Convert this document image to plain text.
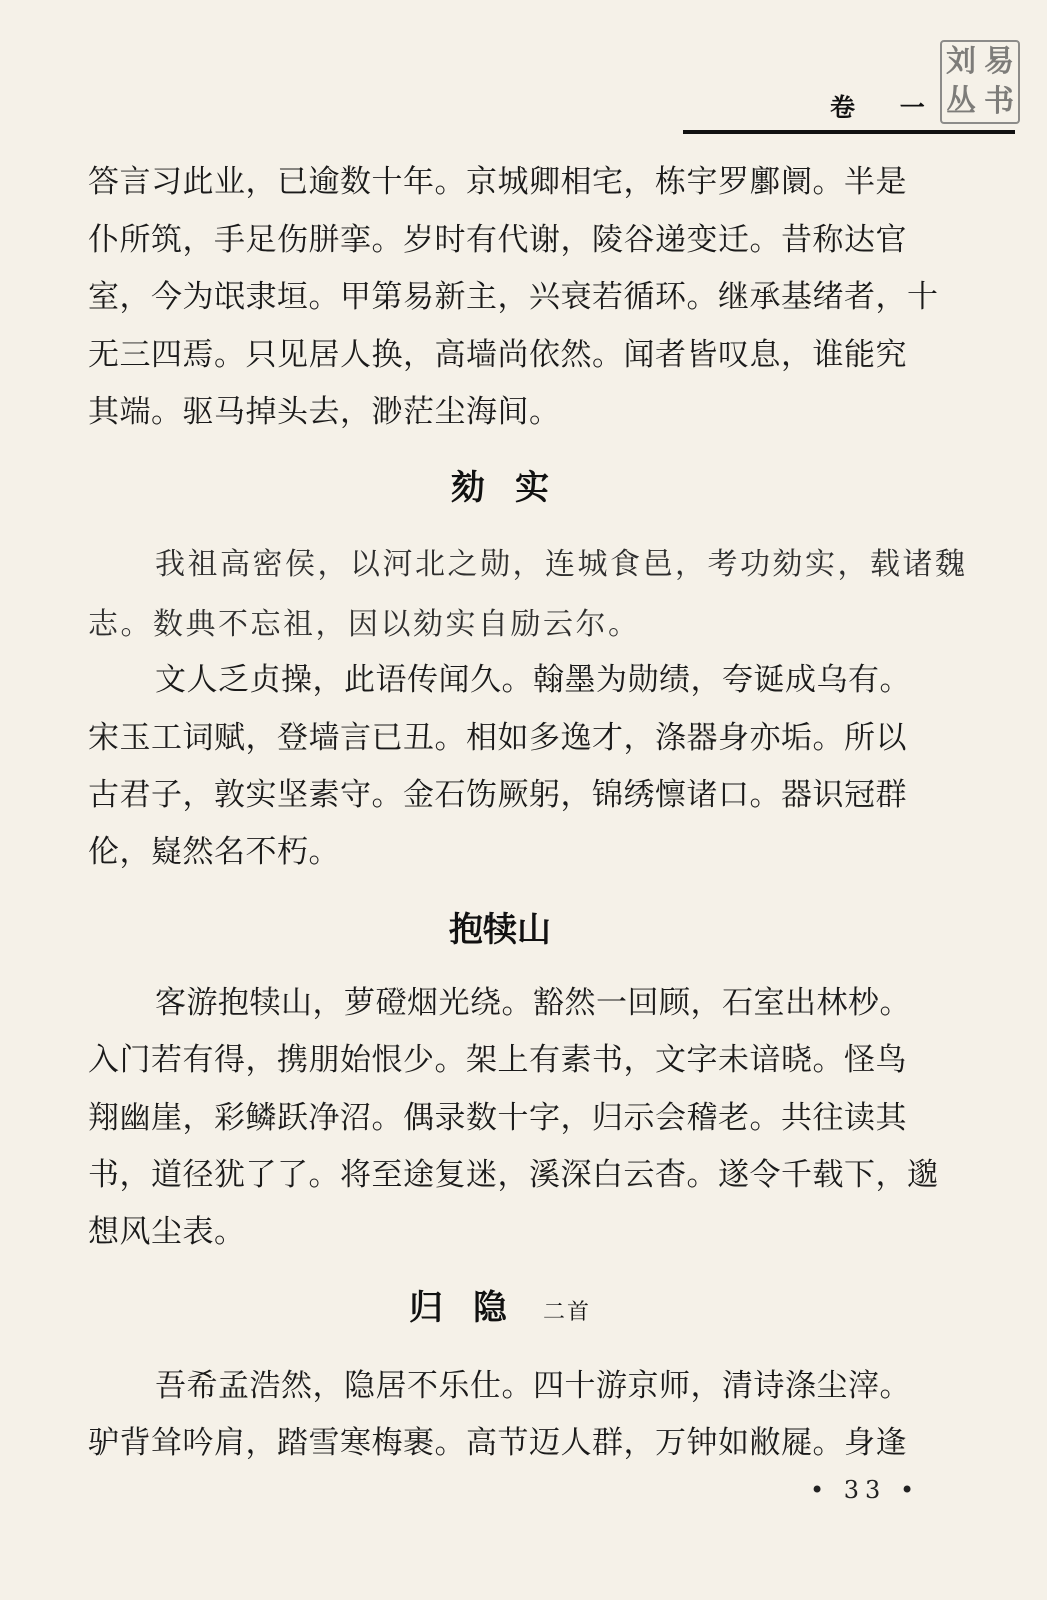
刘 易
丛 书
卷 一
答言习此业，已逾数十年。京城卿相宅，栋宇罗鄽阛。半是
仆所筑，手足伤胼挛。岁时有代谢，陵谷递变迁。昔称达官
室，今为氓隶垣。甲第易新主，兴衰若循环。继承基绪者，十
无三四焉。只见居人换，高墙尚依然。闻者皆叹息，谁能究
其端。驱马掉头去，渺茫尘海间。
劾实
我祖高密侯，以河北之勋，连城食邑，考功劾实，载诸魏
志。数典不忘祖，因以劾实自励云尔。
文人乏贞操，此语传闻久。翰墨为勋绩，夸诞成乌有。
宋玉工词赋，登墙言已丑。相如多逸才，涤器身亦垢。所以
古君子，敦实坚素守。金石饬厥躬，锦绣懔诸口。器识冠群
伦，嶷然名不朽。
抱犊山
客游抱犊山，萝磴烟光绕。豁然一回顾，石室出林杪。
入门若有得，携朋始恨少。架上有素书，文字未谙晓。怪鸟
翔幽崖，彩鳞跃净沼。偶录数十字，归示会稽老。共往读其
书，道径犹了了。将至途复迷，溪深白云杳。遂令千载下，邈
想风尘表。
归隐 二首
吾希孟浩然，隐居不乐仕。四十游京师，清诗涤尘滓。
驴背耸吟肩，踏雪寒梅裹。高节迈人群，万钟如敝屣。身逢
• 33 •
